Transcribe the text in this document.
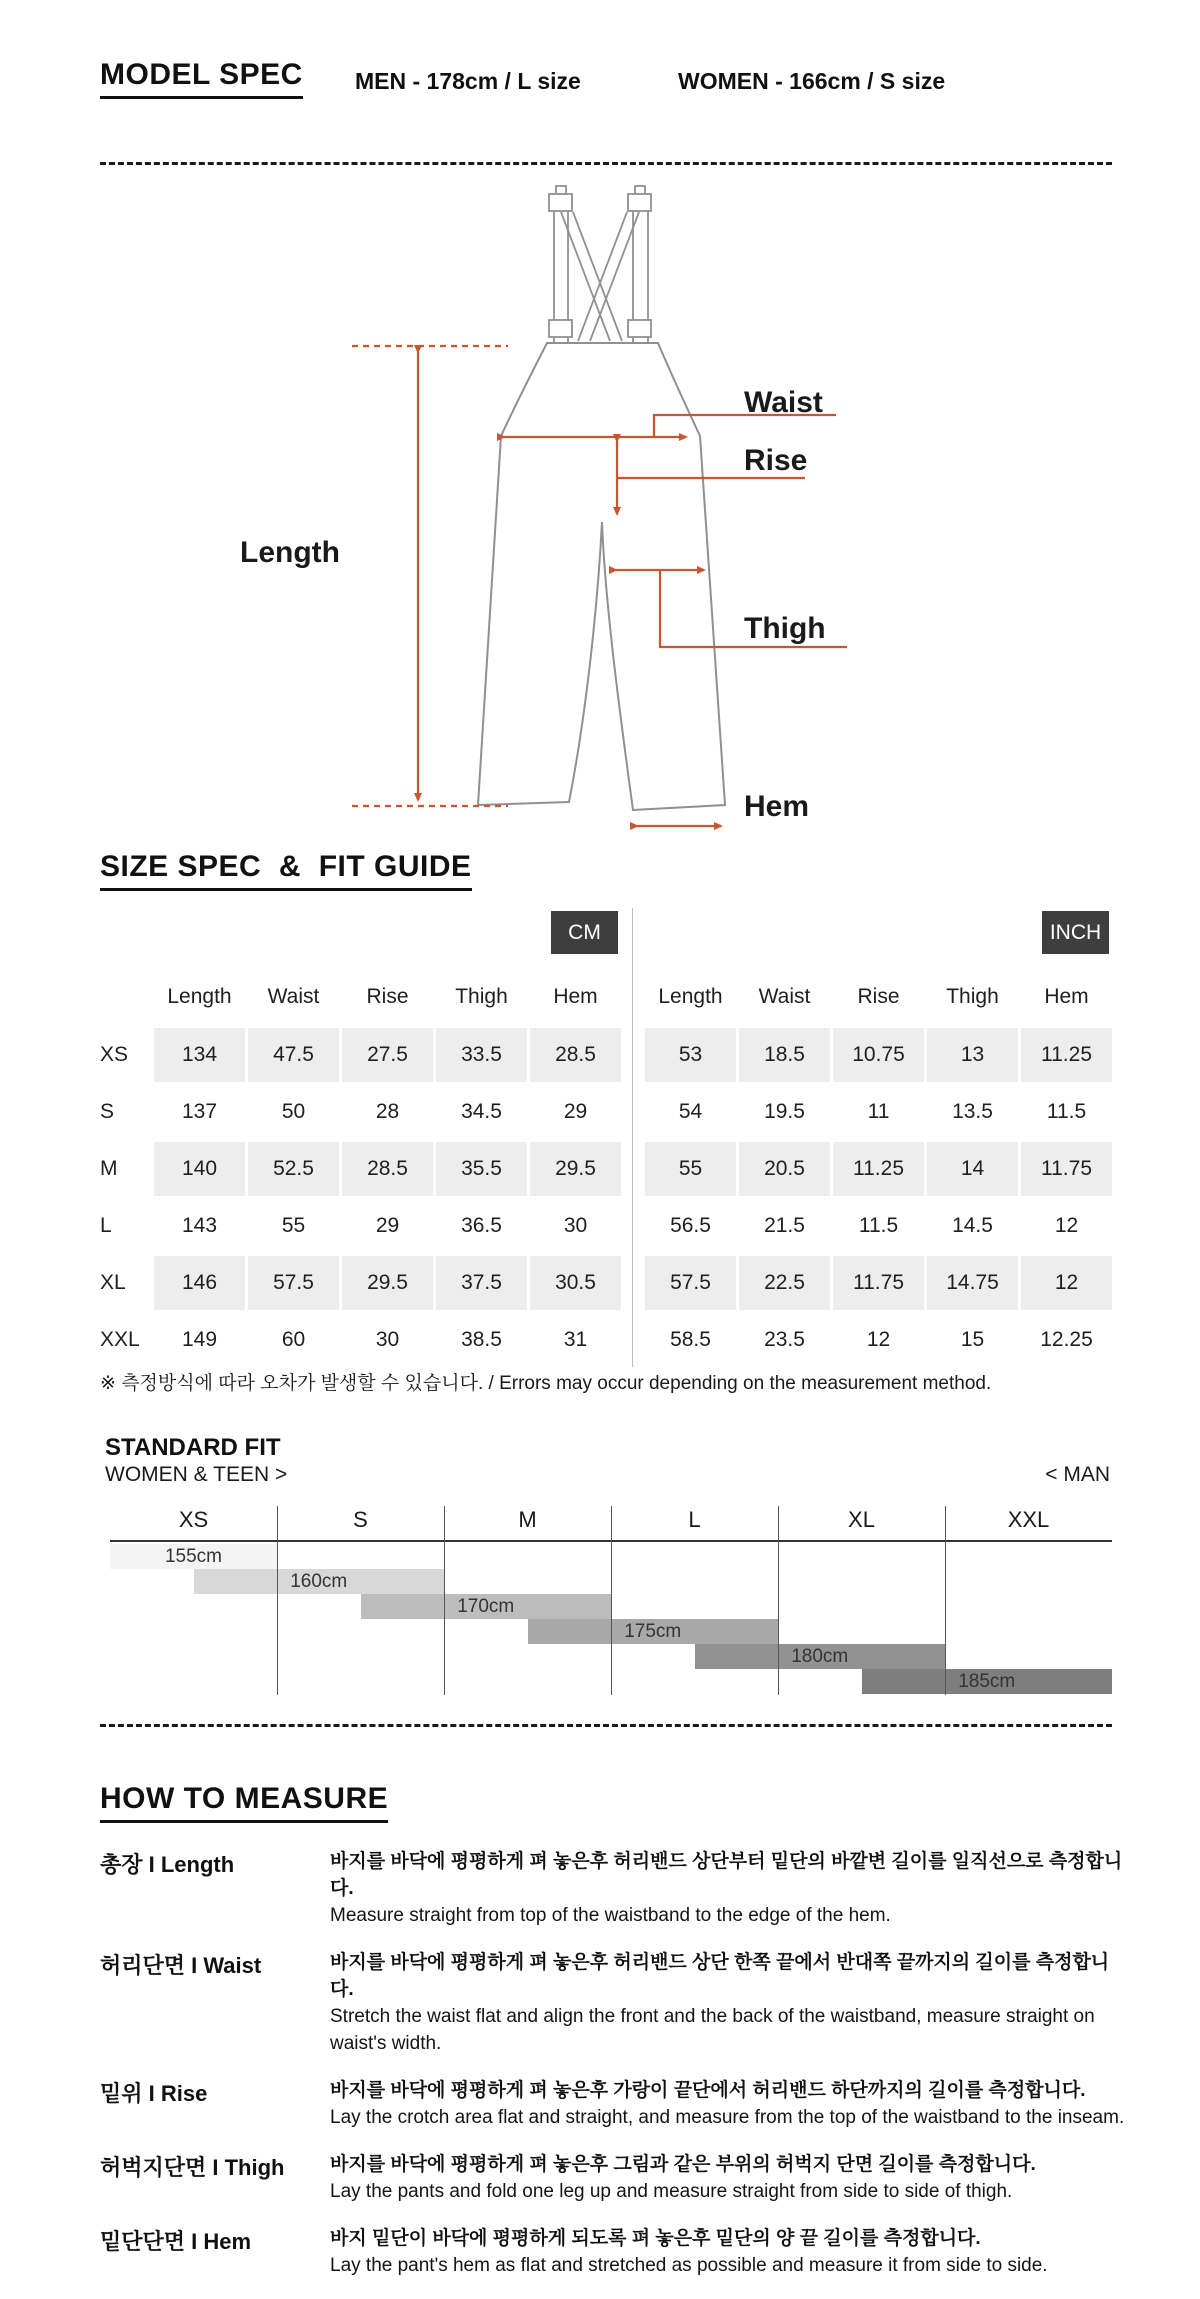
MODEL SPEC MEN - 178cm / L size	WOMEN - 166cm / S size
Length
Waist
Rise
Thigh
Hem
SIZE SPEC  &  FIT GUIDE
CM	INCH
Length	Waist	Rise	Thigh	Hem	Length	Waist	Rise	Thigh	Hem
XS	134	47.5	27.5	33.5	28.5	53	18.5	10.75	13	11.25
S	137	50	28	34.5	29	54	19.5	11	13.5	11.5
M	140	52.5	28.5	35.5	29.5	55	20.5	11.25	14	11.75
L	143	55	29	36.5	30	56.5	21.5	11.5	14.5	12
XL	146	57.5	29.5	37.5	30.5	57.5	22.5	11.75	14.75	12
XXL	149	60	30	38.5	31	58.5	23.5	12	15	12.25
※ 측정방식에 따라 오차가 발생할 수 있습니다. / Errors may occur depending on the measurement method.
STANDARD FIT
WOMEN & TEEN >	< MAN
XS	S	M	L	XL	XXL
155cm
160cm
170cm
175cm
180cm
185cm
HOW TO MEASURE
총장 I Length	바지를 바닥에 평평하게 펴 놓은후 허리밴드 상단부터 밑단의 바깥변 길이를 일직선으로 측정합니다.
Measure straight from top of the waistband to the edge of the hem.
허리단면 I Waist	바지를 바닥에 평평하게 펴 놓은후 허리밴드 상단 한쪽 끝에서 반대쪽 끝까지의 길이를 측정합니다.
Stretch the waist flat and align the front and the back of the waistband, measure straight on waist's width.
밑위 I Rise	바지를 바닥에 평평하게 펴 놓은후 가랑이 끝단에서 허리밴드 하단까지의 길이를 측정합니다.
Lay the crotch area flat and straight, and measure from the top of the waistband to the inseam.
허벅지단면 I Thigh	바지를 바닥에 평평하게 펴 놓은후 그림과 같은 부위의 허벅지 단면 길이를 측정합니다.
Lay the pants and fold one leg up and measure straight from side to side of thigh.
밑단단면 I Hem	바지 밑단이 바닥에 평평하게 되도록 펴 놓은후 밑단의 양 끝 길이를 측정합니다.
Lay the pant's hem as flat and stretched as possible and measure it from side to side.
